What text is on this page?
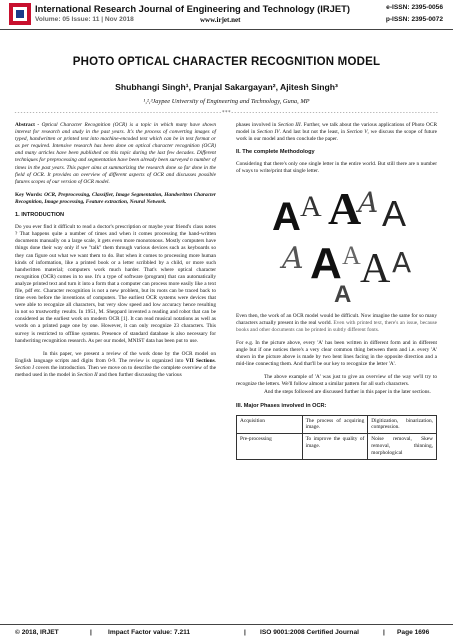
International Research Journal of Engineering and Technology (IRJET)
Volume: 05 Issue: 11 | Nov 2018	www.irjet.net
e-ISSN: 2395-0056
p-ISSN: 2395-0072
PHOTO OPTICAL CHARACTER RECOGNITION MODEL
Shubhangi Singh¹, Pranjal Sakargayan², Ajitesh Singh³
¹,²,³Jaypee University of Engineering and Technology, Guna, MP
---------------------------------------------------------------------***---------------------------------------------------------------------

Abstract - Optical Character Recognition (OCR) is a topic in which many have shown interest for research and study in the past years. It's the process of converting images of typed, handwritten or printed text into machine-encoded text which can be in text format or as per required. Intensive research has been done on optical character recognition (OCR) and many articles have been published on this topic during the last few decades. Different techniques for preprocessing and segmentation have been already been surveyed n number of times in the past years. This paper aims at summarizing the research done so far done in the field of OCR. It provides an overview of different aspects of OCR and discusses possible futures scopes of our version of OCR model.

Key Words: OCR, Preprocessing, Classifier, Image Segmentation, Handwritten Character Recognition, Image processing, Feature extraction, Neural Network.

1. INTRODUCTION

Do you ever find it difficult to read a doctor's prescription or maybe your friend's class notes ? That happens quite a number of times and when it comes processing the hand-written documents manually on a large scale, it gets even more monotonous. Mostly computers have things done their way only if we "talk" them through various devices such as keyboards so they can figure out what we want them to do. But when it comes to processing more human kinds of information, like a printed book or a letter scribbled by a child, or more such handwritten material; computers work much harder. That's where optical character recognition (OCR) comes in to use. It's a type of software (program) that can automatically analyze printed text and turn it into a form that a computer can process more easily like a text file, pdf etc. Character recognition is not a new problem, but its roots can be traced back to time even before the inventions of computers. The earliest OCR systems were devices that were able to recognize all characters, but very slow speed and low accuracy hence resulting in not so trustworthy results. In 1951, M. Sheppard invented a reading and robot that can be considered as the earliest work on modern OCR [1]. It can read musical notations as well as words on a printed page one by one. However, it can only recognize 23 characters. This survey is restricted to offline systems. Presence of standard database is also necessary for handwriting recognition research. As per our model, MNIST data has been put to use.

In this paper, we present a review of the work done by the OCR model on English language scripts and digits from 0-9. The review is organized into VII Sections. Section I covers the introduction. Then we move on to describe the complete overview of the method used in the model in Section II and then further discussing the various

phases involved in Section III. Further, we talk about the various applications of Photo OCR model in Section IV. And last but not the least, in Section V, we discuss the scope of future work in our model and then conclude the paper.

II. The complete Methodology

Considering that there's only one single letter in the entire world. But still there are n number of ways to write/print that single letter.

A A A
A A
A A A A A
A

Even then, the work of an OCR model would be difficult. Now imagine the same for so many characters actually present in the real world. Even with printed text, there's an issue, because books and other documents can be printed in subtly different fonts.

For e.g. In the picture above, every 'A' has been written in different form and in different angle but if one notices there's a very clear common thing between them and i.e. every 'A' shown in the picture above is made by two bent lines facing in the opposite direction and a mid-line connecting them. And that'll be our key to recognize the letter 'A'.

The above example of 'A' was just to give an overview of the way we'll try to recognize the letters. We'll follow almost a similar pattern for all such characters.

And the steps followed are discussed further in this paper in the later sections.

III. Major Phases involved in OCR:
Acquisition	The process of acquiring image.	Digitization, binarization, compression.
Pre-processing	To improve the quality of image.	Noise removal, Skew removal, thinning, morphological
© 2018, IRJET	| Impact Factor value: 7.211	| ISO 9001:2008 Certified Journal	| Page 1696
